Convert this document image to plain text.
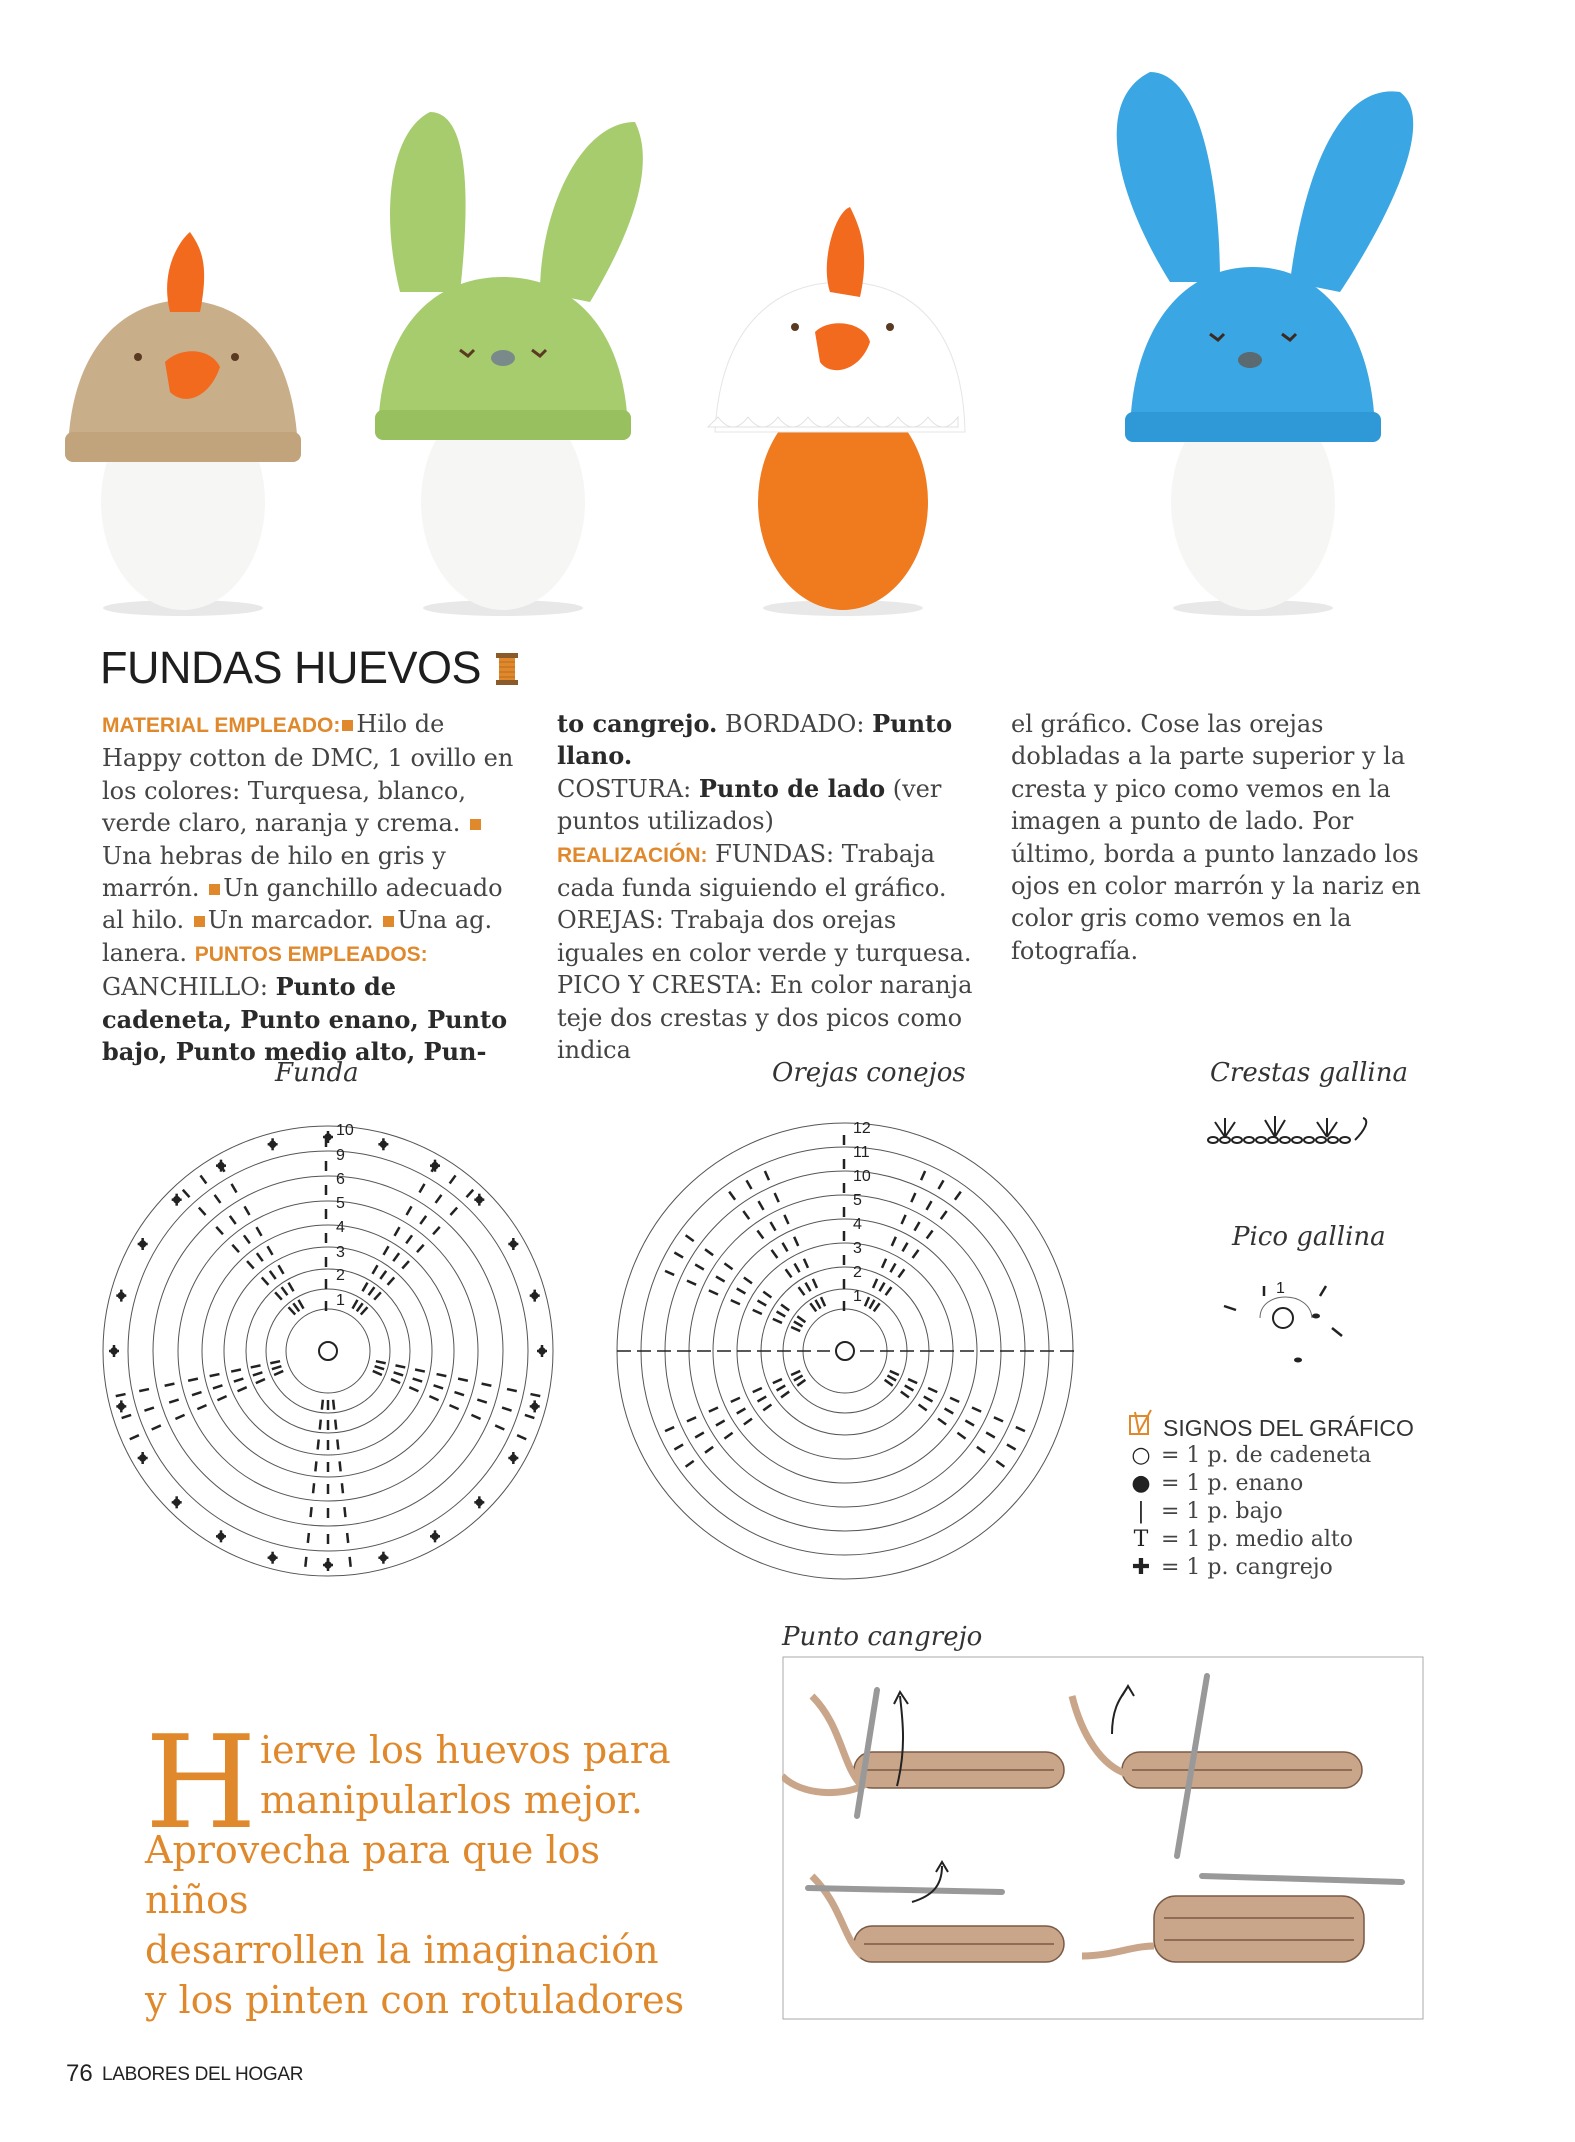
FUNDAS HUEVOS
MATERIAL EMPLEADO: Hilo de Happy cotton de DMC, 1 ovillo en los colores: Turquesa, blanco, verde claro, naranja y crema. Una hebras de hilo en gris y marrón. Un ganchillo adecuado al hilo. Un marcador. Una ag. lanera. PUNTOS EMPLEADOS: GANCHILLO: Punto de cadeneta, Punto enano, Punto bajo, Punto medio alto, Pun-
to cangrejo. BORDADO: Punto llano.
COSTURA: Punto de lado (ver puntos utilizados)
REALIZACIÓN: FUNDAS: Trabaja cada funda siguiendo el gráfico.
OREJAS: Trabaja dos orejas iguales en color verde y turquesa.
PICO Y CRESTA: En color naranja teje dos crestas y dos picos como indica
el gráfico. Cose las orejas dobladas a la parte superior y la cresta y pico como vemos en la imagen a punto de lado. Por último, borda a punto lanzado los ojos en color marrón y la nariz en color gris como vemos en la fotografía.
Funda	Orejas conejos	Crestas gallina
Pico gallina
Punto cangrejo
10
9
6
5
4
3
2
1
12
11
10
5
4
3
2
1	1
SIGNOS DEL GRÁFICO
○ = 1 p. de cadeneta
● = 1 p. enano
| = 1 p. bajo
T = 1 p. medio alto
✚ = 1 p. cangrejo
H ierve los huevos para
manipularlos mejor.
Aprovecha para que los niños
desarrollen la imaginación
y los pinten con rotuladores
76 LABORES DEL HOGAR
